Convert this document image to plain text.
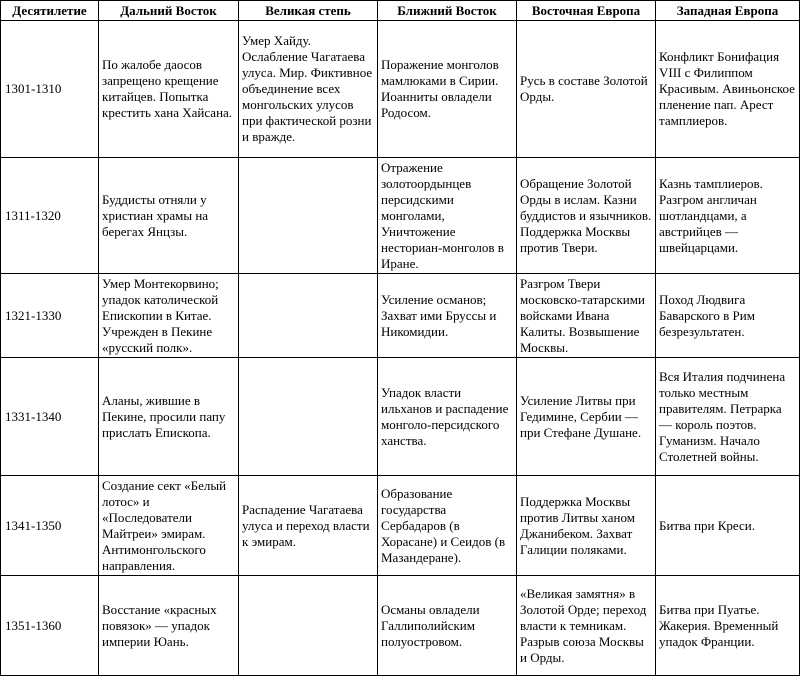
Десятилетие	Дальний Восток	Великая степь	Ближний Восток	Восточная Европа	Западная Европа
1301-1310	По жалобе даосов запрещено крещение китайцев. Попытка крестить хана Хайсана.	Умер Хайду. Ослабление Чагатаева улуса. Мир. Фиктивное объединение всех монгольских улусов при фактической розни и вражде.	Поражение монголов мамлюками в Сирии. Иоанниты овладели Родосом.	Русь в составе Золотой Орды.	Конфликт Бонифация VIII с Филиппом Красивым. Авиньонское пленение пап. Арест тамплиеров.
1311-1320	Буддисты отняли у христиан храмы на берегах Янцзы.		Отражение золотоордынцев персидскими монголами, Уничтожение несториан-монголов в Иране.	Обращение Золотой Орды в ислам. Казни буддистов и язычников. Поддержка Москвы против Твери.	Казнь тамплиеров. Разгром англичан шотландцами, а австрийцев — швейцарцами.
1321-1330	Умер Монтекорвино; упадок католической Епископии в Китае. Учрежден в Пекине «русский полк».		Усиление османов; Захват ими Бруссы и Никомидии.	Разгром Твери московско-татарскими войсками Ивана Калиты. Возвышение Москвы.	Поход Людвига Баварского в Рим безрезультатен.
1331-1340	Аланы, жившие в Пекине, просили папу прислать Епископа.		Упадок власти ильханов и распадение монголо-персидского ханства.	Усиление Литвы при Гедимине, Сербии — при Стефане Душане.	Вся Италия подчинена только местным правителям. Петрарка — король поэтов. Гуманизм. Начало Столетней войны.
1341-1350	Создание сект «Белый лотос» и «Последователи Майтреи» эмирам. Антимонгольского направления.	Распадение Чагатаева улуса и переход власти к эмирам.	Образование государства Сербадаров (в Хорасане) и Сеидов (в Мазандеране).	Поддержка Москвы против Литвы ханом Джанибеком. Захват Галиции поляками.	Битва при Креси.
1351-1360	Восстание «красных повязок» — упадок империи Юань.		Османы овладели Галлиполийским полуостровом.	«Великая замятня» в Золотой Орде; переход власти к темникам. Разрыв союза Москвы и Орды.	Битва при Пуатье. Жакерия. Временный упадок Франции.
